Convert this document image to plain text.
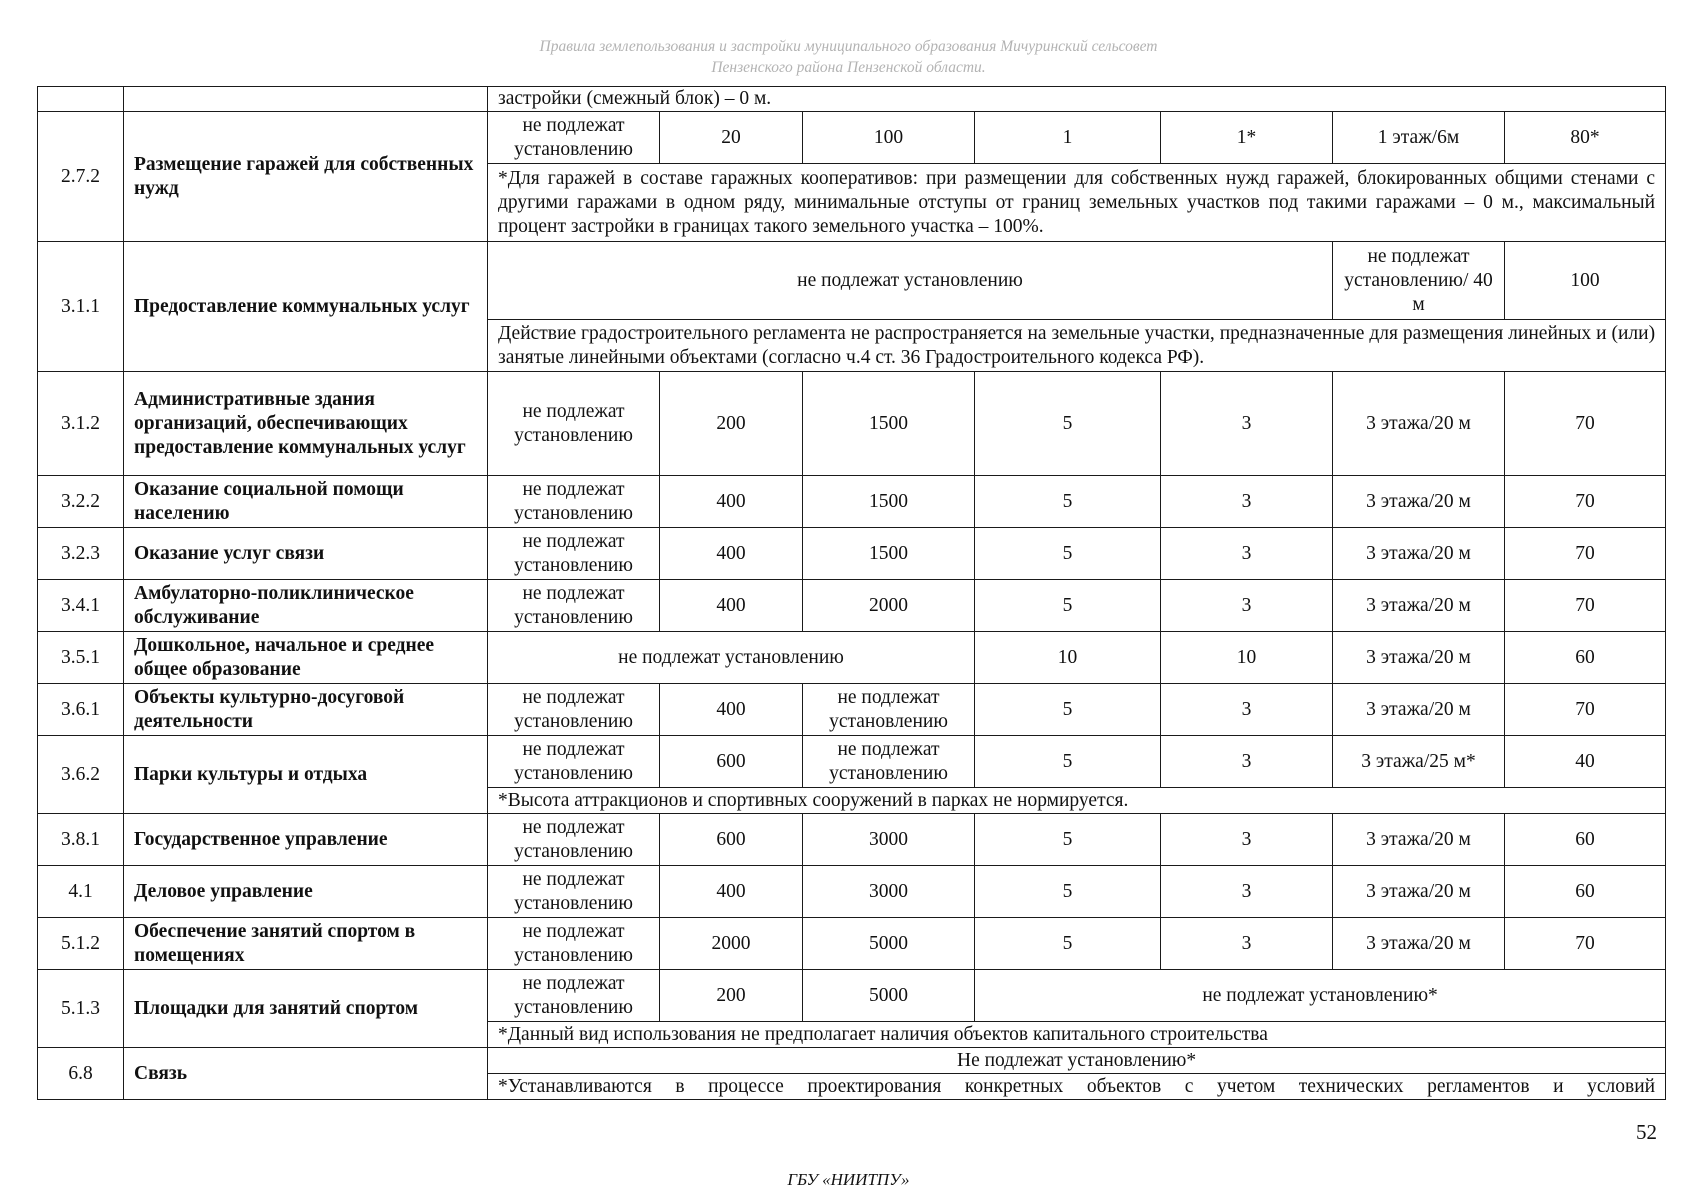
Правила землепользования и застройки муниципального образования Мичуринский сельсовет
Пензенского района Пензенской области.
		застройки (смежный блок) – 0 м.						
2.7.2	Размещение гаражей для собственных нужд	не подлежат установлению	20	100	1	1*	1 этаж/6м	80*
		*Для гаражей в составе гаражных кооперативов: при размещении для собственных нужд гаражей, блокированных общими стенами с другими гаражами в одном ряду, минимальные отступы от границ земельных участков под такими гаражами – 0 м., максимальный процент застройки в границах такого земельного участка – 100%.						
3.1.1	Предоставление коммунальных услуг	не подлежат установлению					не подлежат установлению/ 40 м	100
		Действие градостроительного регламента не распространяется на земельные участки, предназначенные для размещения линейных и (или) занятые линейными объектами (согласно ч.4 ст. 36 Градостроительного кодекса РФ).						
3.1.2	Административные здания организаций, обеспечивающих предоставление коммунальных услуг	не подлежат установлению	200	1500	5	3	3 этажа/20 м	70
3.2.2	Оказание социальной помощи населению	не подлежат установлению	400	1500	5	3	3 этажа/20 м	70
3.2.3	Оказание услуг связи	не подлежат установлению	400	1500	5	3	3 этажа/20 м	70
3.4.1	Амбулаторно-поликлиническое обслуживание	не подлежат установлению	400	2000	5	3	3 этажа/20 м	70
3.5.1	Дошкольное, начальное и среднее общее образование	не подлежат установлению			10	10	3 этажа/20 м	60
3.6.1	Объекты культурно-досуговой деятельности	не подлежат установлению	400	не подлежат установлению	5	3	3 этажа/20 м	70
3.6.2	Парки культуры и отдыха	не подлежат установлению	600	не подлежат установлению	5	3	3 этажа/25 м*	40
		*Высота аттракционов и спортивных сооружений в парках не нормируется.						
3.8.1	Государственное управление	не подлежат установлению	600	3000	5	3	3 этажа/20 м	60
4.1	Деловое управление	не подлежат установлению	400	3000	5	3	3 этажа/20 м	60
5.1.2	Обеспечение занятий спортом в помещениях	не подлежат установлению	2000	5000	5	3	3 этажа/20 м	70
5.1.3	Площадки для занятий спортом	не подлежат установлению	200	5000	не подлежат установлению*			
		*Данный вид использования не предполагает наличия объектов капитального строительства						
6.8	Связь	Не подлежат установлению*						
		*Устанавливаются в процессе проектирования конкретных объектов с учетом технических регламентов и условий						
52
ГБУ «НИИТПУ»
